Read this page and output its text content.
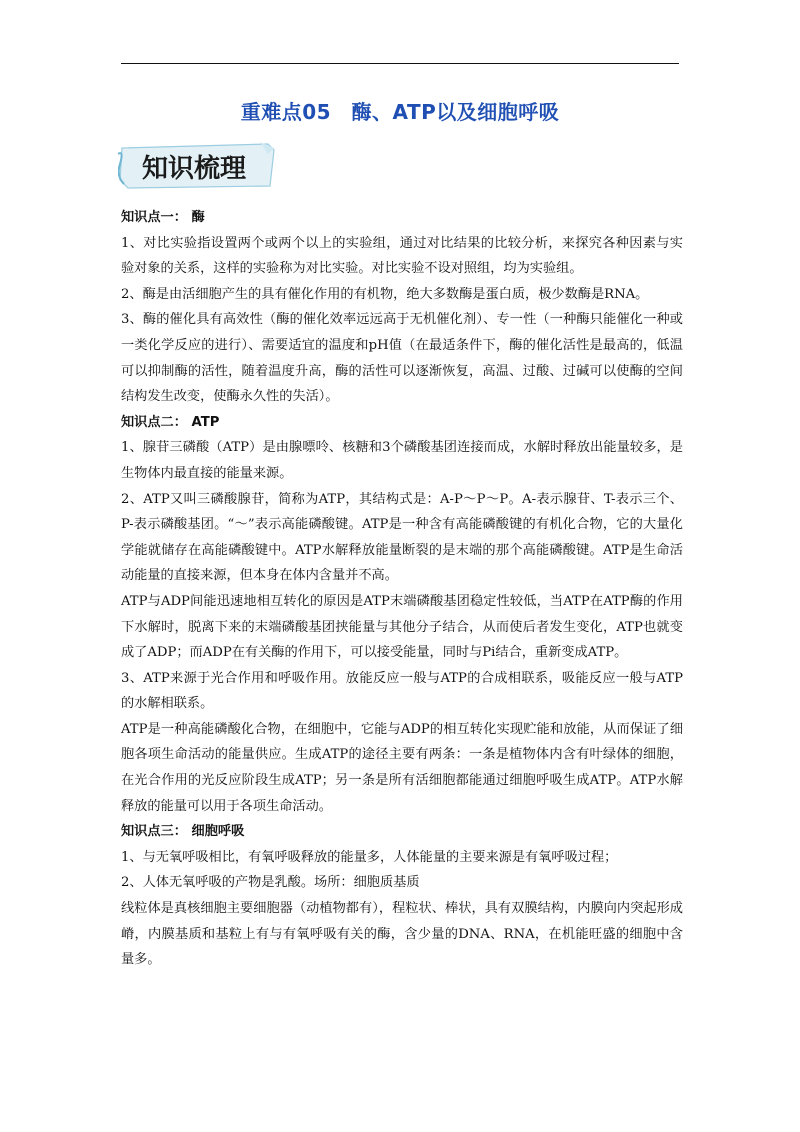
重难点05　酶、ATP以及细胞呼吸
知识梳理

知识点一： 酶

1、对比实验指设置两个或两个以上的实验组，通过对比结果的比较分析，来探究各种因素与实验对象的关系，这样的实验称为对比实验。对比实验不设对照组，均为实验组。

2、酶是由活细胞产生的具有催化作用的有机物，绝大多数酶是蛋白质，极少数酶是RNA。

3、酶的催化具有高效性（酶的催化效率远远高于无机催化剂）、专一性（一种酶只能催化一种或一类化学反应的进行）、需要适宜的温度和pH值（在最适条件下，酶的催化活性是最高的，低温可以抑制酶的活性，随着温度升高，酶的活性可以逐渐恢复，高温、过酸、过碱可以使酶的空间结构发生改变，使酶永久性的失活）。

知识点二： ATP

1、腺苷三磷酸（ATP）是由腺嘌呤、核糖和3个磷酸基团连接而成，水解时释放出能量较多，是生物体内最直接的能量来源。

2、ATP又叫三磷酸腺苷，简称为ATP，其结构式是：A-P～P～P。A-表示腺苷、T-表示三个、P-表示磷酸基团。“～”表示高能磷酸键。ATP是一种含有高能磷酸键的有机化合物，它的大量化学能就储存在高能磷酸键中。ATP水解释放能量断裂的是末端的那个高能磷酸键。ATP是生命活动能量的直接来源，但本身在体内含量并不高。

ATP与ADP间能迅速地相互转化的原因是ATP末端磷酸基团稳定性较低，当ATP在ATP酶的作用下水解时，脱离下来的末端磷酸基团挟能量与其他分子结合，从而使后者发生变化，ATP也就变成了ADP；而ADP在有关酶的作用下，可以接受能量，同时与Pi结合，重新变成ATP。

3、ATP来源于光合作用和呼吸作用。放能反应一般与ATP的合成相联系，吸能反应一般与ATP的水解相联系。

ATP是一种高能磷酸化合物，在细胞中，它能与ADP的相互转化实现贮能和放能，从而保证了细胞各项生命活动的能量供应。生成ATP的途径主要有两条：一条是植物体内含有叶绿体的细胞，在光合作用的光反应阶段生成ATP；另一条是所有活细胞都能通过细胞呼吸生成ATP。ATP水解释放的能量可以用于各项生命活动。

知识点三： 细胞呼吸

1、与无氧呼吸相比，有氧呼吸释放的能量多，人体能量的主要来源是有氧呼吸过程；

2、人体无氧呼吸的产物是乳酸。场所：细胞质基质

线粒体是真核细胞主要细胞器（动植物都有），程粒状、棒状，具有双膜结构，内膜向内突起形成嵴，内膜基质和基粒上有与有氧呼吸有关的酶，含少量的DNA、RNA，在机能旺盛的细胞中含量多。
